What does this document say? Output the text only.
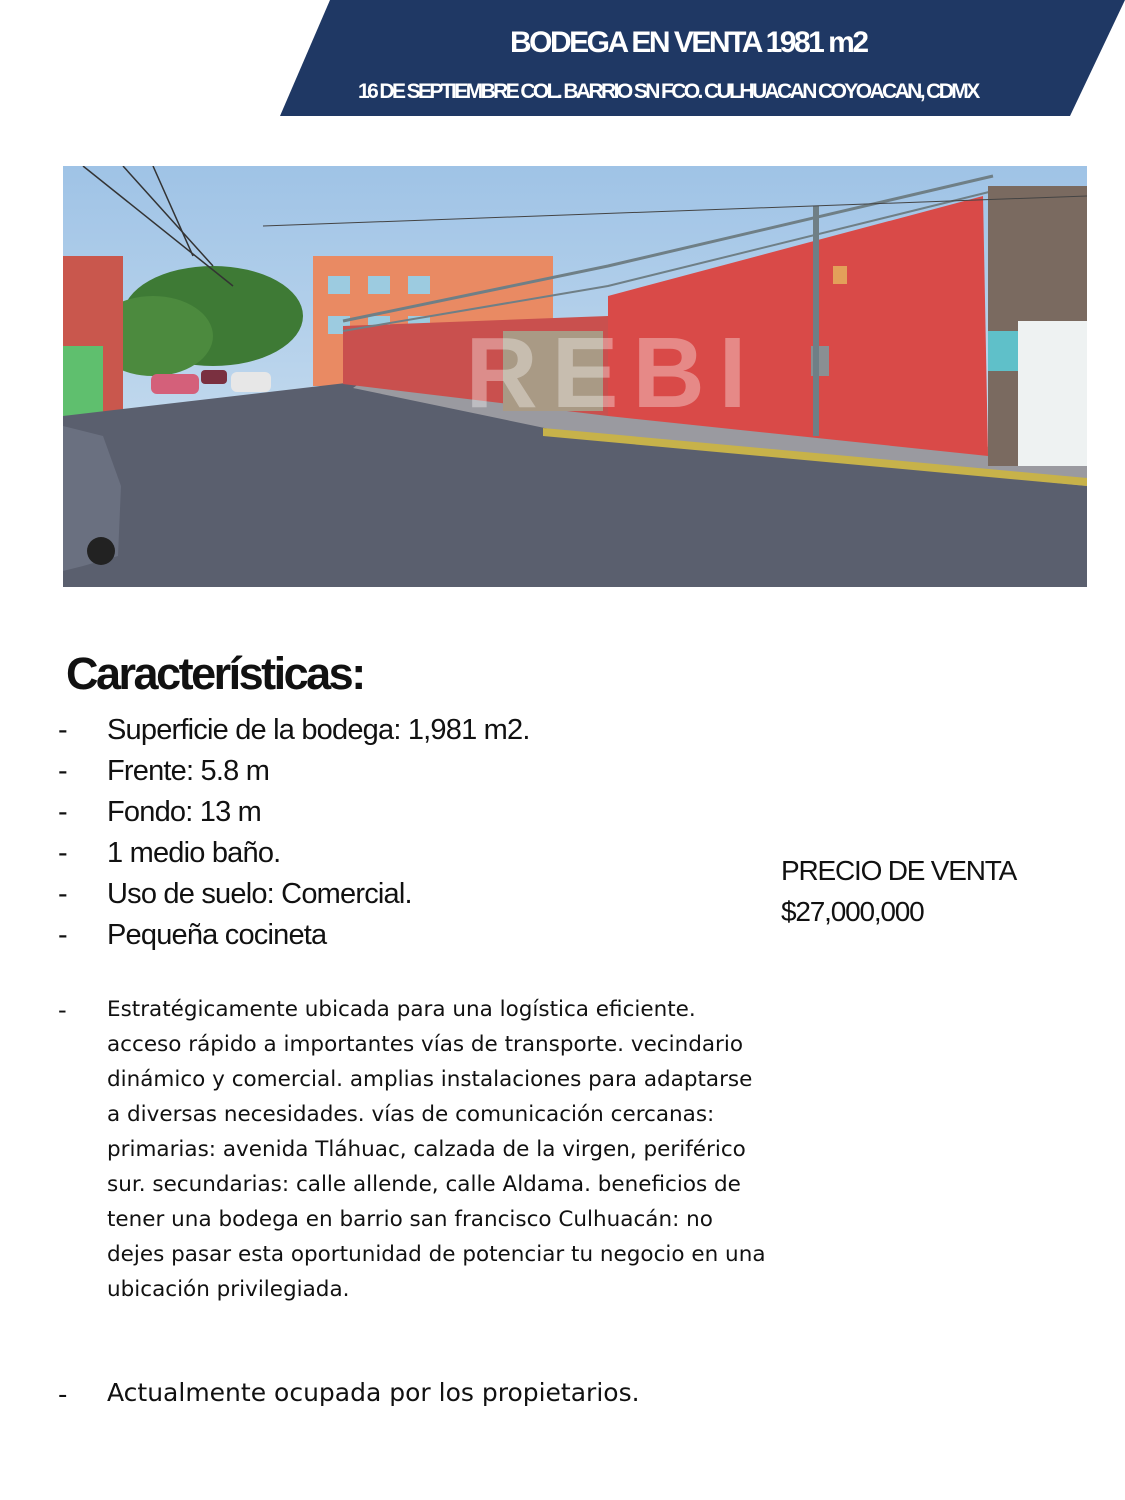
BODEGA EN VENTA 1981 m2
16 DE SEPTIEMBRE COL. BARRIO SN FCO. CULHUACAN COYOACAN, CDMX
REBI
Características:
-	Superficie de la bodega: 1,981 m2.
-	Frente: 5.8 m
-	Fondo: 13 m
-	1 medio baño.
-	Uso de suelo: Comercial.
-	Pequeña cocineta
- Estratégicamente ubicada para una logística eficiente. acceso rápido a importantes vías de transporte. vecindario dinámico y comercial. amplias instalaciones para adaptarse a diversas necesidades. vías de comunicación cercanas: primarias: avenida Tláhuac, calzada de la virgen, periférico sur. secundarias: calle allende, calle Aldama. beneficios de tener una bodega en barrio san francisco Culhuacán: no dejes pasar esta oportunidad de potenciar tu negocio en una ubicación privilegiada.
- Actualmente ocupada por los propietarios.
PRECIO DE VENTA
$27,000,000
